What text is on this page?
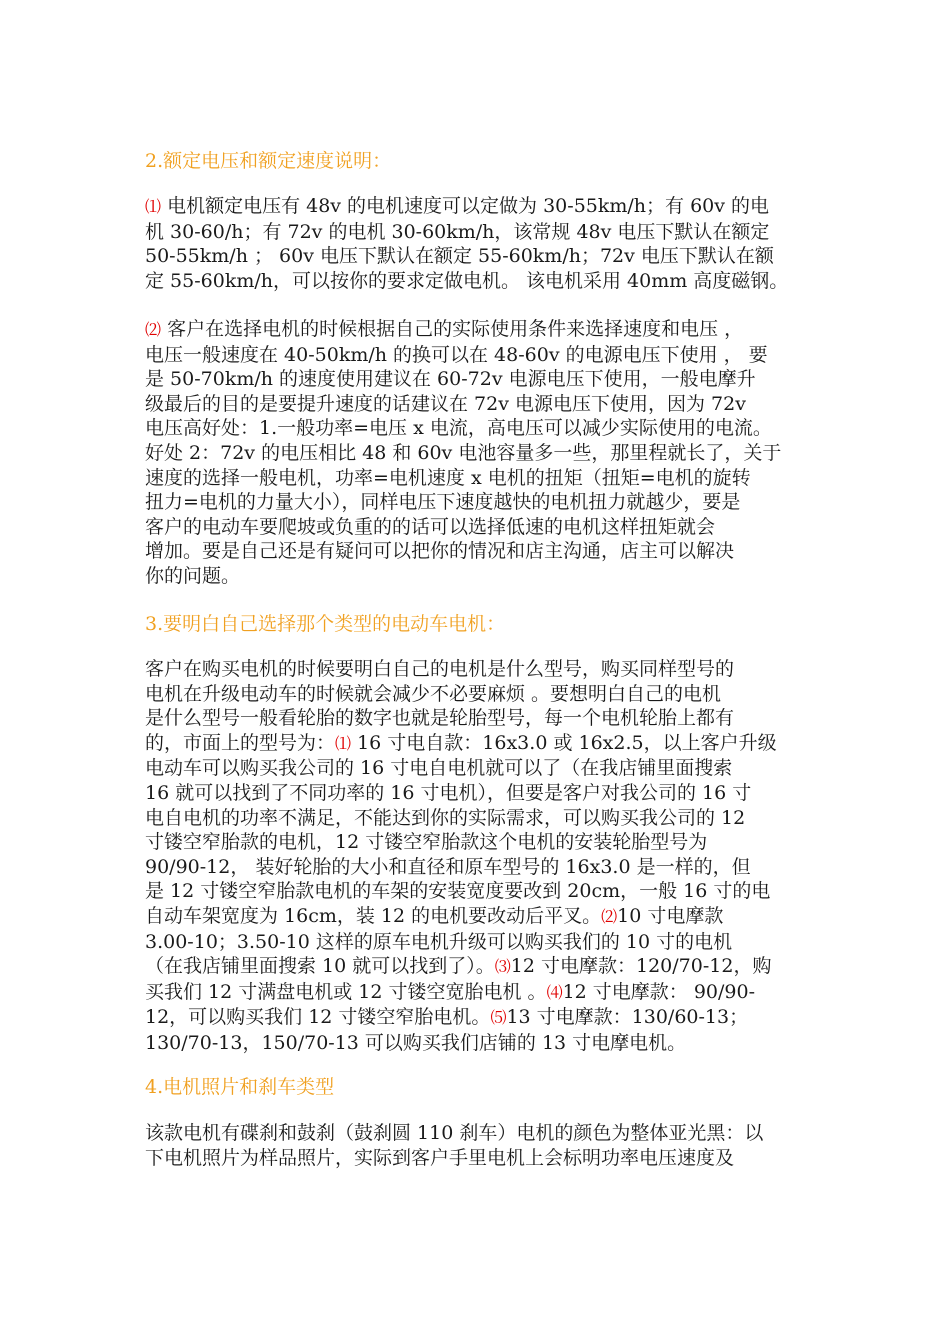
2.额定电压和额定速度说明：
⑴ 电机额定电压有 48v 的电机速度可以定做为 30-55km/h；有 60v 的电
机 30-60/h；有 72v 的电机 30-60km/h，该常规 48v 电压下默认在额定
50-55km/h ； 60v 电压下默认在额定 55-60km/h；72v 电压下默认在额
定 55-60km/h，可以按你的要求定做电机。 该电机采用 40mm 高度磁钢。
⑵ 客户在选择电机的时候根据自己的实际使用条件来选择速度和电压 ，
电压一般速度在 40-50km/h 的换可以在 48-60v 的电源电压下使用 ， 要
是 50-70km/h 的速度使用建议在 60-72v 电源电压下使用，一般电摩升
级最后的目的是要提升速度的话建议在 72v 电源电压下使用，因为 72v
电压高好处：1.一般功率=电压 x 电流，高电压可以减少实际使用的电流。
好处 2：72v 的电压相比 48 和 60v 电池容量多一些，那里程就长了，关于
速度的选择一般电机，功率=电机速度 x 电机的扭矩（扭矩=电机的旋转
扭力=电机的力量大小），同样电压下速度越快的电机扭力就越少，要是
客户的电动车要爬坡或负重的的话可以选择低速的电机这样扭矩就会
增加。要是自己还是有疑问可以把你的情况和店主沟通，店主可以解决
你的问题。
3.要明白自己选择那个类型的电动车电机：
客户在购买电机的时候要明白自己的电机是什么型号，购买同样型号的
电机在升级电动车的时候就会减少不必要麻烦 。要想明白自己的电机
是什么型号一般看轮胎的数字也就是轮胎型号，每一个电机轮胎上都有
的，市面上的型号为：⑴ 16 寸电自款：16x3.0 或 16x2.5，以上客户升级
电动车可以购买我公司的 16 寸电自电机就可以了（在我店铺里面搜索
16 就可以找到了不同功率的 16 寸电机），但要是客户对我公司的 16 寸
电自电机的功率不满足，不能达到你的实际需求，可以购买我公司的 12
寸镂空窄胎款的电机，12 寸镂空窄胎款这个电机的安装轮胎型号为
90/90-12， 装好轮胎的大小和直径和原车型号的 16x3.0 是一样的，但
是 12 寸镂空窄胎款电机的车架的安装宽度要改到 20cm，一般 16 寸的电
自动车架宽度为 16cm，装 12 的电机要改动后平叉。⑵10 寸电摩款
3.00-10；3.50-10 这样的原车电机升级可以购买我们的 10 寸的电机
（在我店铺里面搜索 10 就可以找到了）。⑶12 寸电摩款：120/70-12，购
买我们 12 寸满盘电机或 12 寸镂空宽胎电机 。⑷12 寸电摩款： 90/90-
12，可以购买我们 12 寸镂空窄胎电机。⑸13 寸电摩款：130/60-13；
130/70-13，150/70-13 可以购买我们店铺的 13 寸电摩电机。
4.电机照片和刹车类型
该款电机有碟刹和鼓刹（鼓刹圆 110 刹车）电机的颜色为整体亚光黑：以
下电机照片为样品照片，实际到客户手里电机上会标明功率电压速度及
